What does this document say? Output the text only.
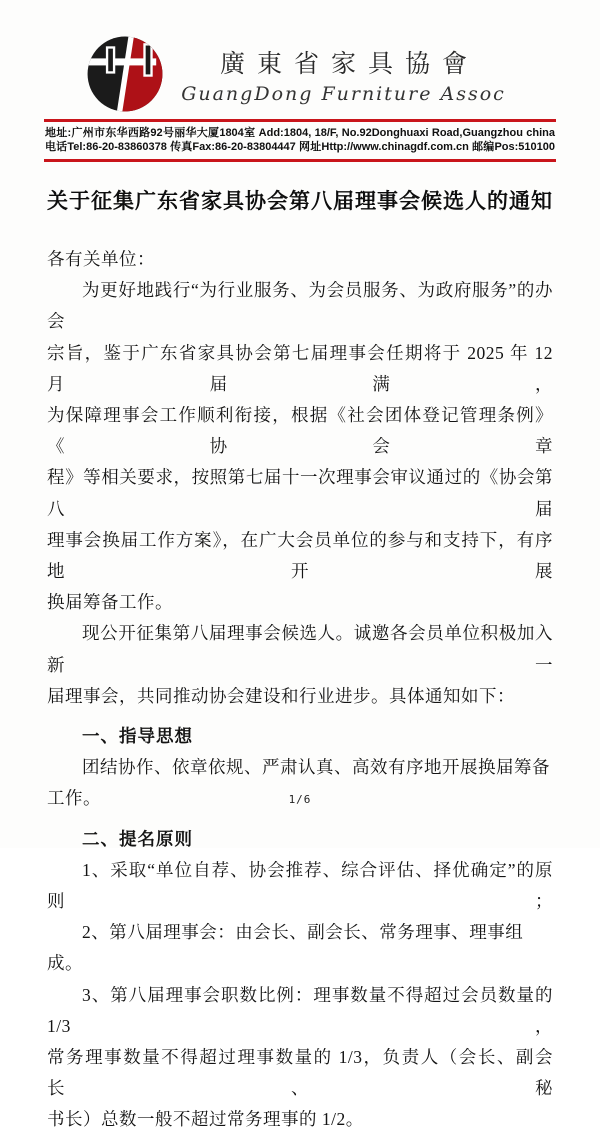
廣東省家具協會
GuangDong Furniture Assoc
地址:广州市东华西路92号丽华大厦1804室 Add:1804, 18/F, No.92Donghuaxi Road,Guangzhou china
电话Tel:86-20-83860378 传真Fax:86-20-83804447 网址Http://www.chinagdf.com.cn 邮编Pos:510100
关于征集广东省家具协会第八届理事会候选人的通知
各有关单位：
为更好地践行“为行业服务、为会员服务、为政府服务”的办会
宗旨，鉴于广东省家具协会第七届理事会任期将于 2025 年 12 月届满，
为保障理事会工作顺利衔接，根据《社会团体登记管理条例》《协会章
程》等相关要求，按照第七届十一次理事会审议通过的《协会第八届
理事会换届工作方案》，在广大会员单位的参与和支持下，有序地开展
换届筹备工作。
现公开征集第八届理事会候选人。诚邀各会员单位积极加入新一
届理事会，共同推动协会建设和行业进步。具体通知如下：
一、指导思想
团结协作、依章依规、严肃认真、高效有序地开展换届筹备工作。
二、提名原则
1、采取“单位自荐、协会推荐、综合评估、择优确定”的原则；
2、第八届理事会：由会长、副会长、常务理事、理事组成。
3、第八届理事会职数比例：理事数量不得超过会员数量的 1/3，
常务理事数量不得超过理事数量的 1/3，负责人（会长、副会长、秘
书长）总数一般不超过常务理事的 1/2。
1/6
